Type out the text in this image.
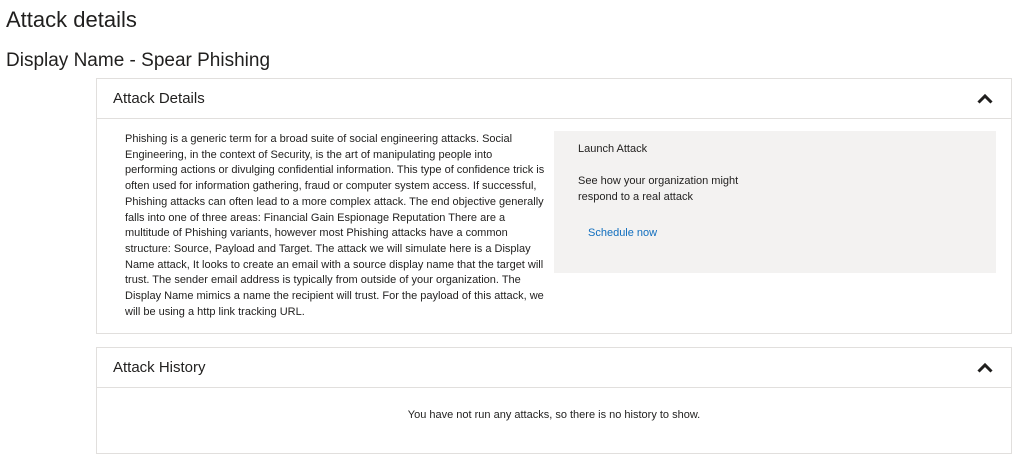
Attack details
Display Name - Spear Phishing
Attack Details
Phishing is a generic term for a broad suite of social engineering attacks. Social Engineering, in the context of Security, is the art of manipulating people into performing actions or divulging confidential information. This type of confidence trick is often used for information gathering, fraud or computer system access. If successful, Phishing attacks can often lead to a more complex attack. The end objective generally falls into one of three areas: Financial Gain Espionage Reputation There are a multitude of Phishing variants, however most Phishing attacks have a common structure: Source, Payload and Target. The attack we will simulate here is a Display Name attack, It looks to create an email with a source display name that the target will trust. The sender email address is typically from outside of your organization. The Display Name mimics a name the recipient will trust. For the payload of this attack, we will be using a http link tracking URL.
Launch Attack
See how your organization might respond to a real attack
Schedule now
Attack History
You have not run any attacks, so there is no history to show.
